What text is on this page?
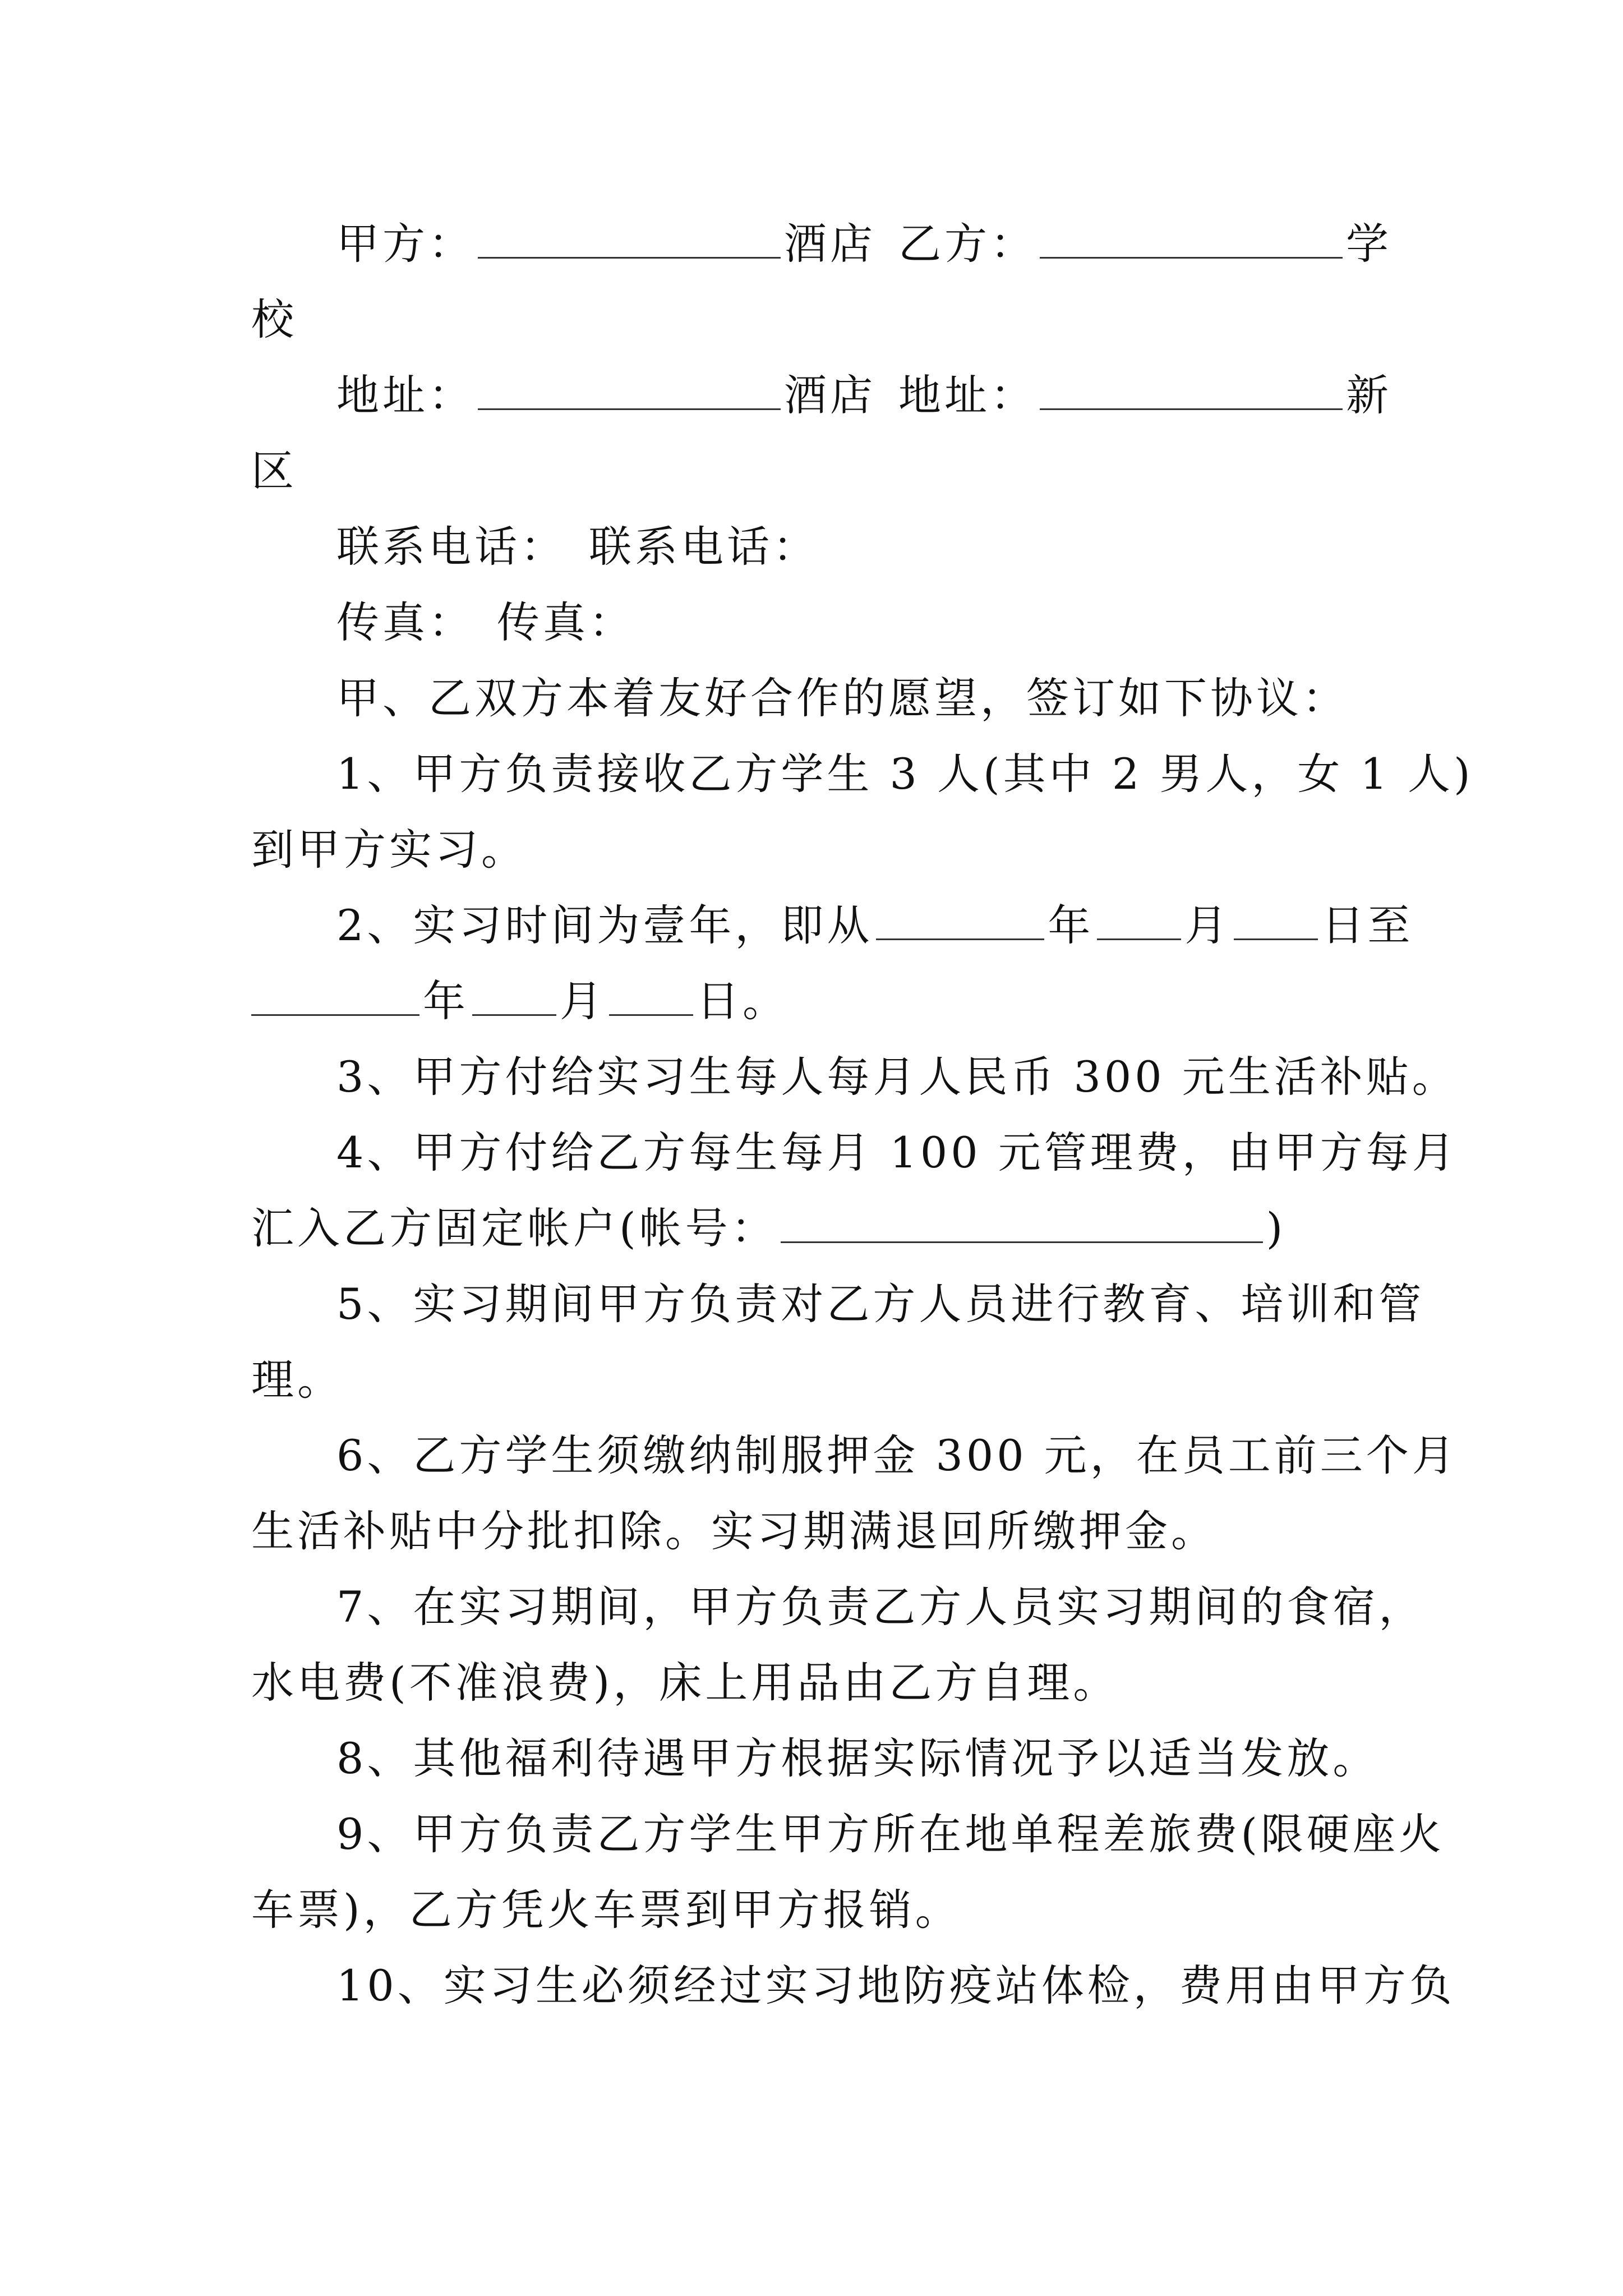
甲方：	酒店 乙方：	学
校
地址：	酒店 地址：	新
区
联系电话： 联系电话：
传真： 传真：
甲、乙双方本着友好合作的愿望，签订如下协议：
1、甲方负责接收乙方学生 3 人(其中 2 男人，女 1 人)
到甲方实习。
2、实习时间为壹年，即从	年 月 日至
年 月 日。
3、甲方付给实习生每人每月人民币 300 元生活补贴。
4、甲方付给乙方每生每月 100 元管理费，由甲方每月
汇入乙方固定帐户(帐号：	)
5、实习期间甲方负责对乙方人员进行教育、培训和管
理。
6、乙方学生须缴纳制服押金 300 元，在员工前三个月
生活补贴中分批扣除。实习期满退回所缴押金。
7、在实习期间，甲方负责乙方人员实习期间的食宿，
水电费(不准浪费)，床上用品由乙方自理。
8、其他福利待遇甲方根据实际情况予以适当发放。
9、甲方负责乙方学生甲方所在地单程差旅费(限硬座火
车票)，乙方凭火车票到甲方报销。
10、实习生必须经过实习地防疫站体检，费用由甲方负
